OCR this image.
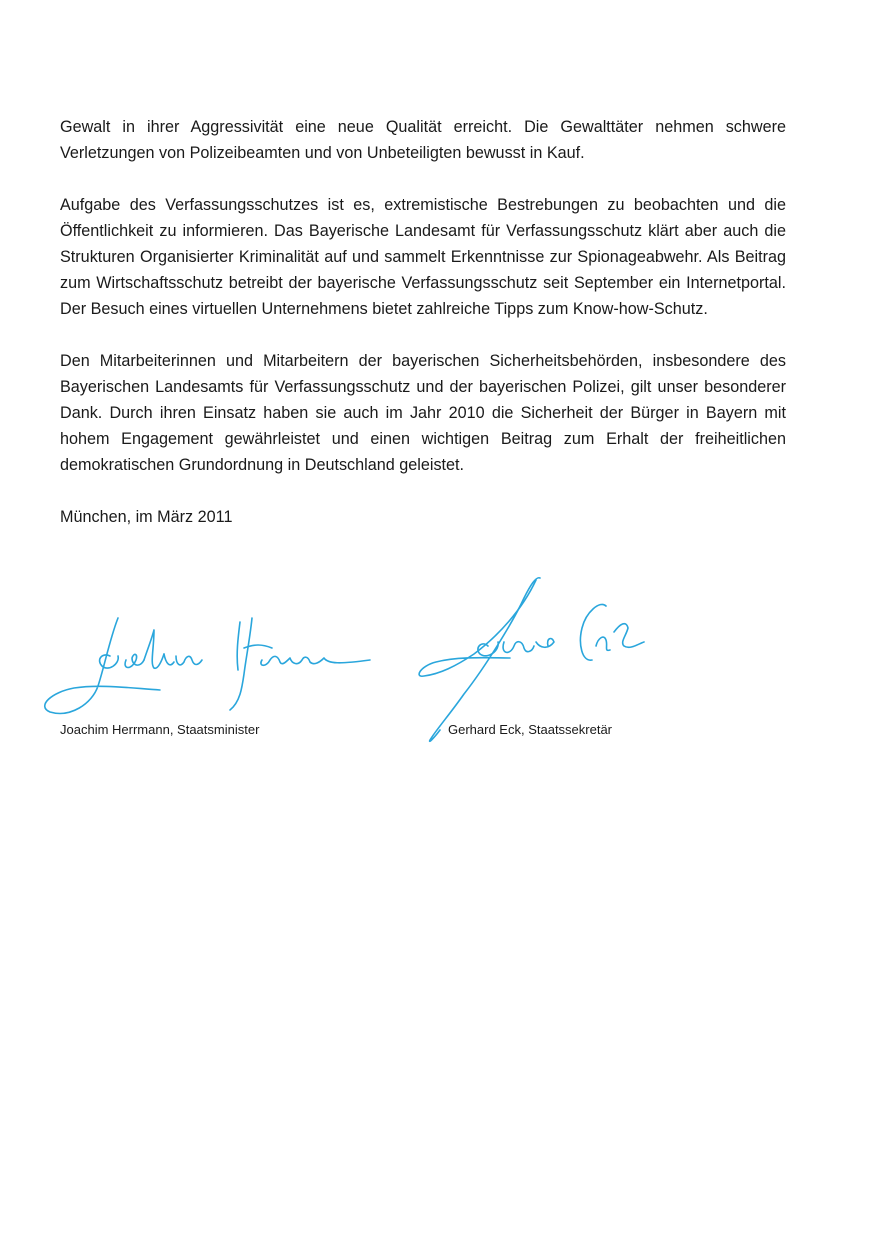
Gewalt in ihrer Aggressivität eine neue Qualität erreicht. Die Gewalttäter nehmen schwere Verletzungen von Polizeibeamten und von Unbeteiligten bewusst in Kauf.

Aufgabe des Verfassungsschutzes ist es, extremistische Bestrebungen zu beobachten und die Öffentlichkeit zu informieren. Das Bayerische Landesamt für Verfassungsschutz klärt aber auch die Strukturen Organisierter Kriminalität auf und sammelt Erkenntnisse zur Spionageabwehr. Als Beitrag zum Wirtschaftsschutz betreibt der bayerische Verfassungsschutz seit September ein Internetportal. Der Besuch eines virtuellen Unternehmens bietet zahlreiche Tipps zum Know-how-Schutz.

Den Mitarbeiterinnen und Mitarbeitern der bayerischen Sicherheitsbehörden, insbesondere des Bayerischen Landesamts für Verfassungsschutz und der bayerischen Polizei, gilt unser besonderer Dank. Durch ihren Einsatz haben sie auch im Jahr 2010 die Sicherheit der Bürger in Bayern mit hohem Engagement gewährleistet und einen wichtigen Beitrag zum Erhalt der freiheitlichen demokratischen Grundordnung in Deutschland geleistet.

München, im März 2011

Joachim Herrmann, Staatsminister	Gerhard Eck, Staatssekretär
